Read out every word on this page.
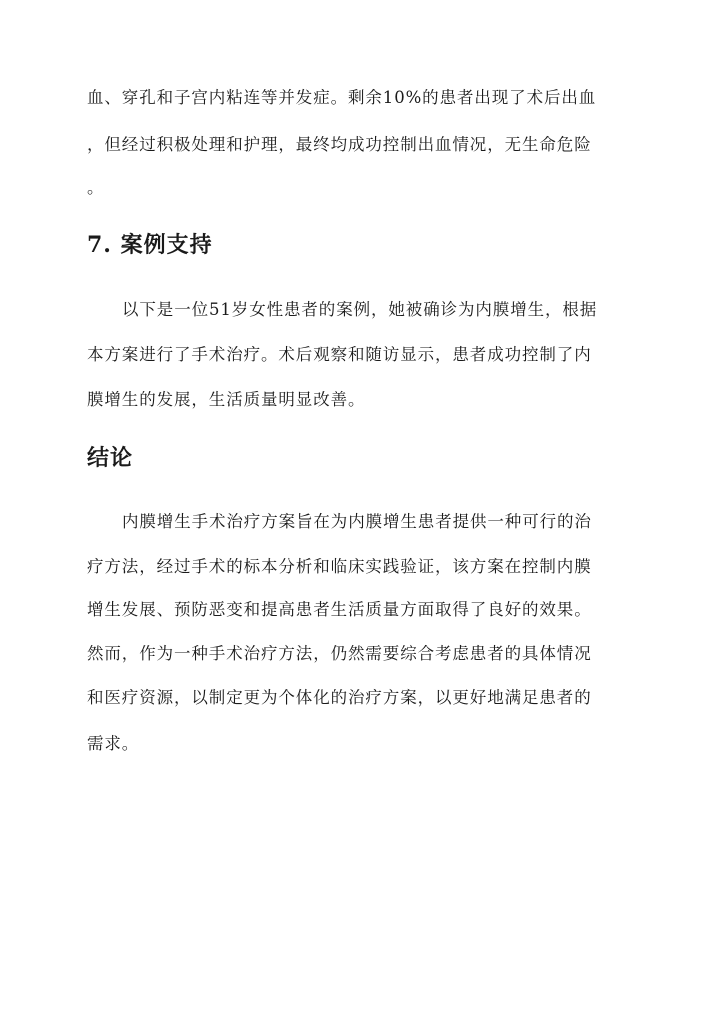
血、穿孔和子宫内粘连等并发症。剩余10%的患者出现了术后出血
，但经过积极处理和护理，最终均成功控制出血情况，无生命危险
。
7. 案例支持
以下是一位51岁女性患者的案例，她被确诊为内膜增生，根据
本方案进行了手术治疗。术后观察和随访显示，患者成功控制了内
膜增生的发展，生活质量明显改善。
结论
内膜增生手术治疗方案旨在为内膜增生患者提供一种可行的治
疗方法，经过手术的标本分析和临床实践验证，该方案在控制内膜
增生发展、预防恶变和提高患者生活质量方面取得了良好的效果。
然而，作为一种手术治疗方法，仍然需要综合考虑患者的具体情况
和医疗资源，以制定更为个体化的治疗方案，以更好地满足患者的
需求。
